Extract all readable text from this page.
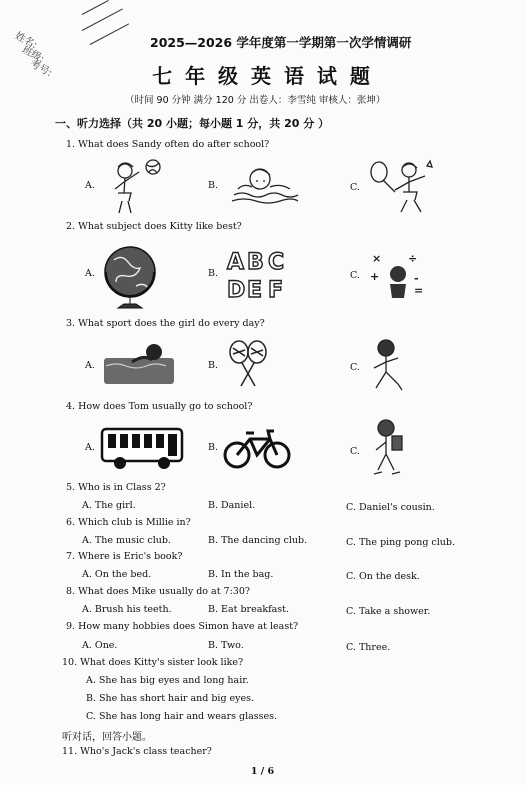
姓名:
班级:
考号:
2025—2026 学年度第一学期第一次学情调研
七 年 级 英 语 试 题
（时间 90 分钟 满分 120 分 出卷人：李雪纯 审核人：张坤）
一、听力选择（共 20 小题；每小题 1 分，共 20 分 ）
1. What does Sandy often do after school?
A.	B.	C.
2. What subject does Kitty like best?
A.	B.	C.
A B C
D E F
× ÷
+	-
=
3. What sport does the girl do every day?
A.	B.	C.
4. How does Tom usually go to school?
A.	B.	C.
5. Who is in Class 2?
A. The girl.	B. Daniel.	C. Daniel's cousin.
6. Which club is Millie in?
A. The music club.	B. The dancing club.	C. The ping pong club.
7. Where is Eric's book?
A. On the bed.	B. In the bag.	C. On the desk.
8. What does Mike usually do at 7:30?
A. Brush his teeth.	B. Eat breakfast.	C. Take a shower.
9. How many hobbies does Simon have at least?
A. One.	B. Two.	C. Three.
10. What does Kitty's sister look like?
A. She has big eyes and long hair.
B. She has short hair and big eyes.
C. She has long hair and wears glasses.
听对话，回答小题。
11. Who's Jack's class teacher?
1 / 6
